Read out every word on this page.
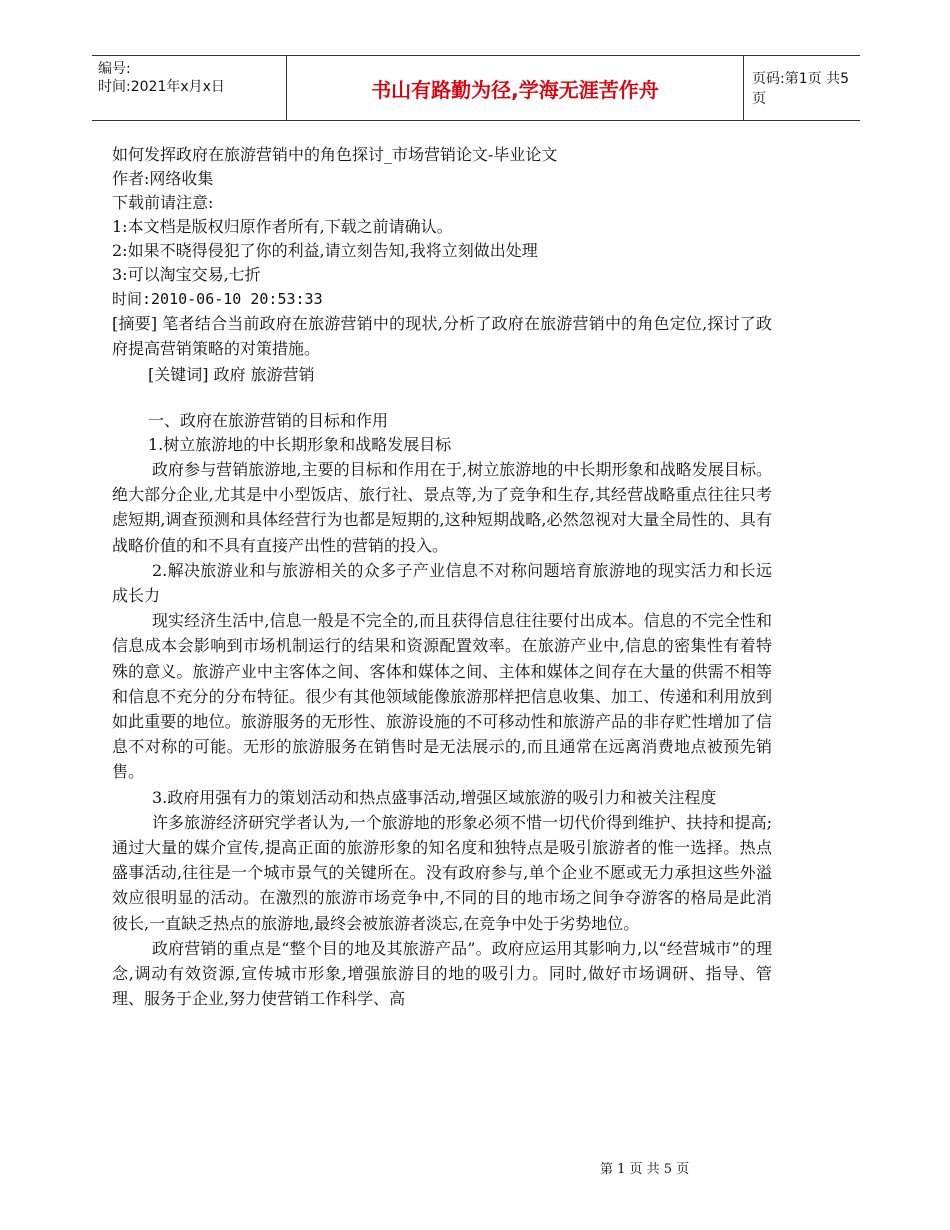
编号:
时间:2021年x月x日	书山有路勤为径,学海无涯苦作舟	页码:第1页 共5页
如何发挥政府在旅游营销中的角色探讨_市场营销论文-毕业论文
作者:网络收集
下载前请注意:
1:本文档是版权归原作者所有,下载之前请确认。
2:如果不晓得侵犯了你的利益,请立刻告知,我将立刻做出处理
3:可以淘宝交易,七折
时间:2010-06-10 20:53:33
[摘要] 笔者结合当前政府在旅游营销中的现状,分析了政府在旅游营销中的角色定位,探讨了政府提高营销策略的对策措施。
[关键词] 政府 旅游营销
一、政府在旅游营销的目标和作用
1.树立旅游地的中长期形象和战略发展目标
政府参与营销旅游地,主要的目标和作用在于,树立旅游地的中长期形象和战略发展目标。绝大部分企业,尤其是中小型饭店、旅行社、景点等,为了竞争和生存,其经营战略重点往往只考虑短期,调查预测和具体经营行为也都是短期的,这种短期战略,必然忽视对大量全局性的、具有战略价值的和不具有直接产出性的营销的投入。
2.解决旅游业和与旅游相关的众多子产业信息不对称问题培育旅游地的现实活力和长远成长力
现实经济生活中,信息一般是不完全的,而且获得信息往往要付出成本。信息的不完全性和信息成本会影响到市场机制运行的结果和资源配置效率。在旅游产业中,信息的密集性有着特殊的意义。旅游产业中主客体之间、客体和媒体之间、主体和媒体之间存在大量的供需不相等和信息不充分的分布特征。很少有其他领域能像旅游那样把信息收集、加工、传递和利用放到如此重要的地位。旅游服务的无形性、旅游设施的不可移动性和旅游产品的非存贮性增加了信息不对称的可能。无形的旅游服务在销售时是无法展示的,而且通常在远离消费地点被预先销售。
3.政府用强有力的策划活动和热点盛事活动,增强区域旅游的吸引力和被关注程度
许多旅游经济研究学者认为,一个旅游地的形象必须不惜一切代价得到维护、扶持和提高;通过大量的媒介宣传,提高正面的旅游形象的知名度和独特点是吸引旅游者的惟一选择。热点盛事活动,往往是一个城市景气的关键所在。没有政府参与,单个企业不愿或无力承担这些外溢效应很明显的活动。在激烈的旅游市场竞争中,不同的目的地市场之间争夺游客的格局是此消彼长,一直缺乏热点的旅游地,最终会被旅游者淡忘,在竞争中处于劣势地位。
政府营销的重点是“整个目的地及其旅游产品”。政府应运用其影响力,以“经营城市”的理念,调动有效资源,宣传城市形象,增强旅游目的地的吸引力。同时,做好市场调研、指导、管理、服务于企业,努力使营销工作科学、高
第 1 页 共 5 页
